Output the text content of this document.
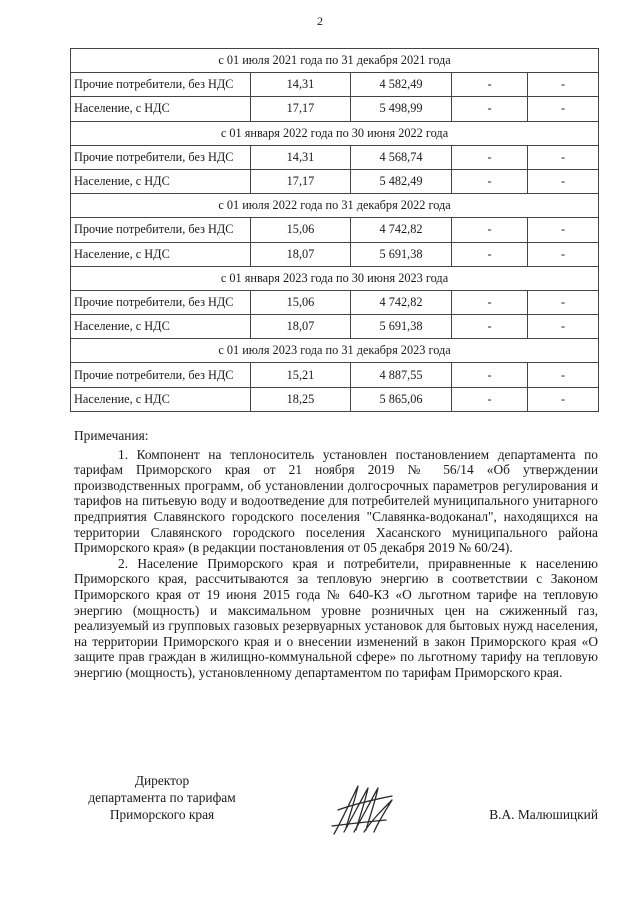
2
с 01 июля 2021 года по 31 декабря 2021 года				
Прочие потребители, без НДС	14,31	4 582,49	-	-
Население, с НДС	17,17	5 498,99	-	-
с 01 января 2022 года по 30 июня 2022 года				
Прочие потребители, без НДС	14,31	4 568,74	-	-
Население, с НДС	17,17	5 482,49	-	-
с 01 июля 2022 года по 31 декабря 2022 года				
Прочие потребители, без НДС	15,06	4 742,82	-	-
Население, с НДС	18,07	5 691,38	-	-
с 01 января 2023 года по 30 июня 2023 года				
Прочие потребители, без НДС	15,06	4 742,82	-	-
Население, с НДС	18,07	5 691,38	-	-
с 01 июля 2023 года по 31 декабря 2023 года				
Прочие потребители, без НДС	15,21	4 887,55	-	-
Население, с НДС	18,25	5 865,06	-	-

Примечания:

1. Компонент на теплоноситель установлен постановлением департамента по тарифам Приморского края от 21 ноября 2019 № 56/14 «Об утверждении производственных программ, об установлении долгосрочных параметров регулирования и тарифов на питьевую воду и водоотведение для потребителей муниципального унитарного предприятия Славянского городского поселения "Славянка-водоканал", находящихся на территории Славянского городского поселения Хасанского муниципального района Приморского края» (в редакции постановления от 05 декабря 2019 № 60/24).

2. Население Приморского края и потребители, приравненные к населению Приморского края, рассчитываются за тепловую энергию в соответствии с Законом Приморского края от 19 июня 2015 года № 640-КЗ «О льготном тарифе на тепловую энергию (мощность) и максимальном уровне розничных цен на сжиженный газ, реализуемый из групповых газовых резервуарных установок для бытовых нужд населения, на территории Приморского края и о внесении изменений в закон Приморского края «О защите прав граждан в жилищно-коммунальной сфере» по льготному тарифу на тепловую энергию (мощность), установленному департаментом по тарифам Приморского края.

Директор
департамента по тарифам
Приморского края	В.А. Малюшицкий
